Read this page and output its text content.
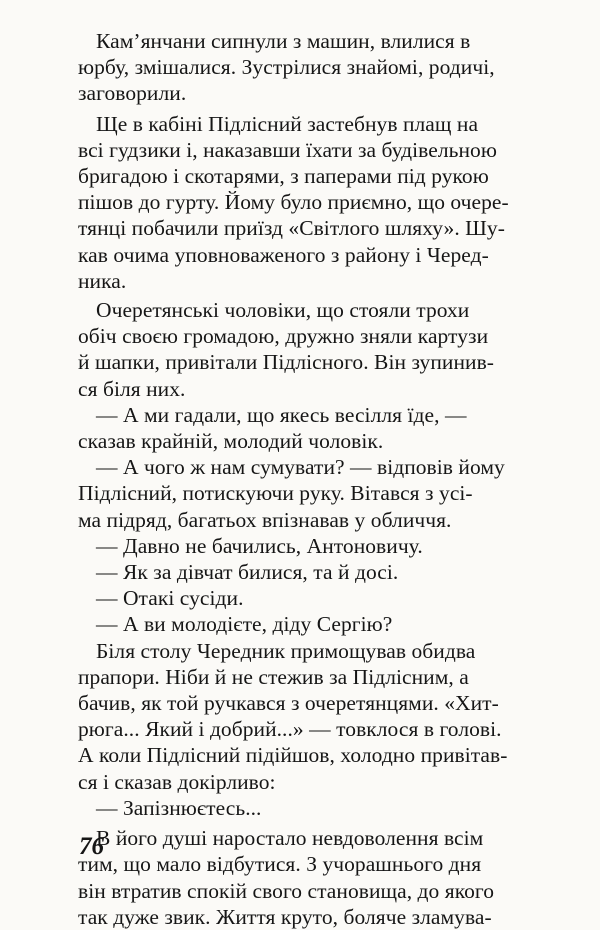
Кам’янчани сипнули з машин, влилися в
юрбу, змішалися. Зустрілися знайомі, родичі,
заговорили.
Ще в кабіні Підлісний застебнув плащ на
всі гудзики і, наказавши їхати за будівельною
бригадою і скотарями, з паперами під рукою
пішов до гурту. Йому було приємно, що очере-
тянці побачили приїзд «Світлого шляху». Шу-
кав очима уповноваженого з району і Черед-
ника.
Очеретянські чоловіки, що стояли трохи
обіч своєю громадою, дружно зняли картузи
й шапки, привітали Підлісного. Він зупинив-
ся біля них.
— А ми гадали, що якесь весілля їде, —
сказав крайній, молодий чоловік.
— А чого ж нам сумувати? — відповів йому
Підлісний, потискуючи руку. Вітався з усі-
ма підряд, багатьох впізнавав у обличчя.
— Давно не бачились, Антоновичу.
— Як за дівчат билися, та й досі.
— Отакі сусіди.
— А ви молодієте, діду Сергію?
Біля столу Чередник примощував обидва
прапори. Ніби й не стежив за Підлісним, а
бачив, як той ручкався з очеретянцями. «Хит-
рюга... Який і добрий...» — товклося в голові.
А коли Підлісний підійшов, холодно привітав-
ся і сказав докірливо:
— Запізнюєтесь...
В його душі наростало невдоволення всім
тим, що мало відбутися. З учорашнього дня
він втратив спокій свого становища, до якого
так дуже звик. Життя круто, боляче зламува-
76
